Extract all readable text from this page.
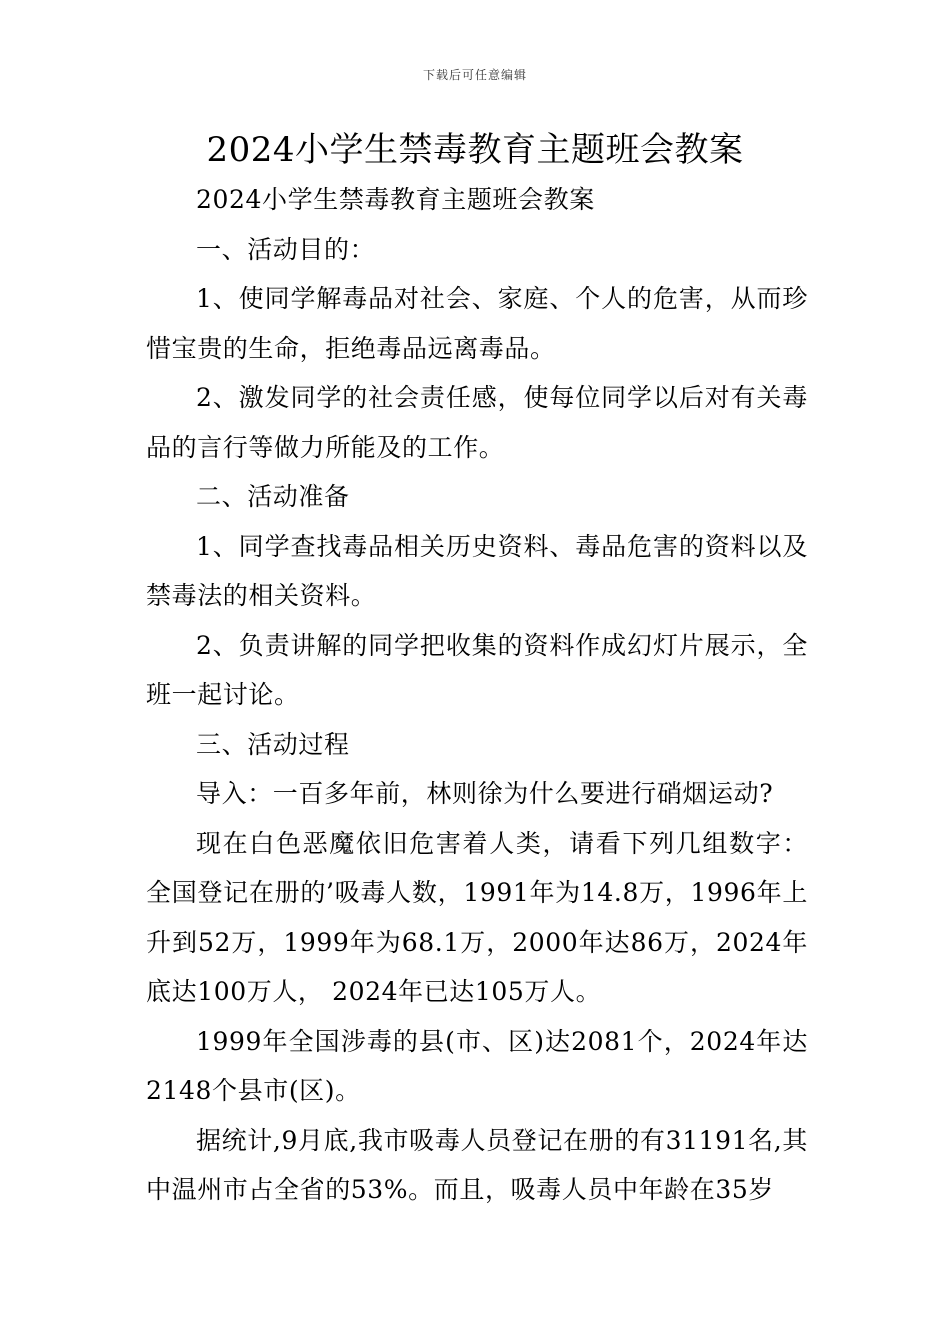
下载后可任意编辑
2024小学生禁毒教育主题班会教案

2024小学生禁毒教育主题班会教案

一、活动目的：

1、使同学解毒品对社会、家庭、个人的危害，从而珍惜宝贵的生命，拒绝毒品远离毒品。

2、激发同学的社会责任感，使每位同学以后对有关毒品的言行等做力所能及的工作。

二、活动准备

1、同学查找毒品相关历史资料、毒品危害的资料以及禁毒法的相关资料。

2、负责讲解的同学把收集的资料作成幻灯片展示，全班一起讨论。

三、活动过程

导入：一百多年前，林则徐为什么要进行硝烟运动?

现在白色恶魔依旧危害着人类，请看下列几组数字：全国登记在册的’吸毒人数，1991年为14.8万，1996年上升到52万，1999年为68.1万，2000年达86万，2024年底达100万人， 2024年已达105万人。

1999年全国涉毒的县(市、区)达2081个，2024年达2148个县市(区)。

据统计,9月底,我市吸毒人员登记在册的有31191名,其中温州市占全省的53%。而且，吸毒人员中年龄在35岁
